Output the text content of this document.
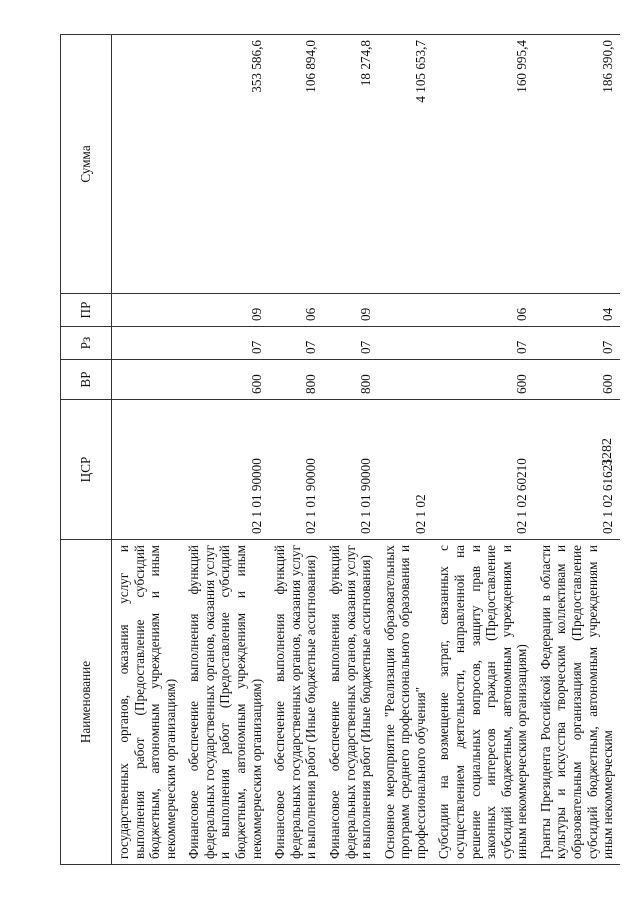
3282
Наименование	ЦСР	ВР	Рз	ПР	Сумма
государственных органов, оказания услуг и выполнения работ (Предоставление субсидий бюджетным, автономным учреждениям и иным некоммерческим организациям)					
Финансовое обеспечение выполнения функций федеральных государственных органов, оказания услуг и выполнения работ (Предоставление субсидий бюджетным, автономным учреждениям и иным некоммерческим организациям)	02 1 01 90000	600	07	09	353 586,6
Финансовое обеспечение выполнения функций федеральных государственных органов, оказания услуг и выполнения работ (Иные бюджетные ассигнования)	02 1 01 90000	800	07	06	106 894,0
Финансовое обеспечение выполнения функций федеральных государственных органов, оказания услуг и выполнения работ (Иные бюджетные ассигнования)	02 1 01 90000	800	07	09	18 274,8
Основное мероприятие "Реализация образовательных программ среднего профессионального образования и профессионального обучения"	02 1 02				4 105 653,7
Субсидии на возмещение затрат, связанных с осуществлением деятельности, направленной на решение социальных вопросов, защиту прав и законных интересов граждан (Предоставление субсидий бюджетным, автономным учреждениям и иным некоммерческим организациям)	02 1 02 60210	600	07	06	160 995,4
Гранты Президента Российской Федерации в области культуры и искусства творческим коллективам и образовательным организациям (Предоставление субсидий бюджетным, автономным учреждениям и иным некоммерческим	02 1 02 61621	600	07	04	186 390,0
